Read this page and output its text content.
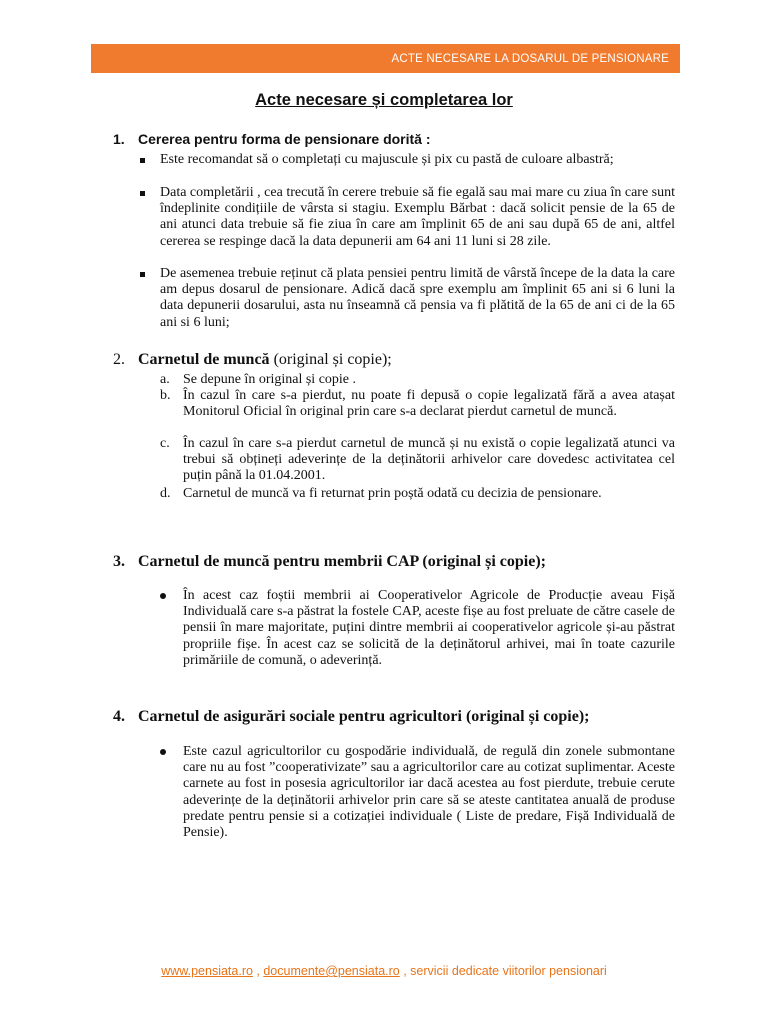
ACTE NECESARE LA DOSARUL DE PENSIONARE
Acte necesare și completarea lor
1. Cererea pentru forma de pensionare dorită :

Este recomandat să o completați cu majuscule și pix cu pastă de culoare albastră;

Data completării , cea trecută în cerere trebuie să fie egală sau mai mare cu ziua în care sunt îndeplinite condițiile de vârsta si stagiu. Exemplu Bărbat : dacă solicit pensie de la 65 de ani atunci data trebuie să fie ziua în care am împlinit 65 de ani sau după 65 de ani, altfel cererea se respinge dacă la data depunerii am 64 ani 11 luni si 28 zile.

De asemenea trebuie reținut că plata pensiei pentru limită de vârstă începe de la data la care am depus dosarul de pensionare. Adică dacă spre exemplu am împlinit 65 ani si 6 luni la data depunerii dosarului, asta nu înseamnă că pensia va fi plătită de la 65 de ani ci de la 65 ani si 6 luni;

2. Carnetul de muncă (original și copie);
a. Se depune în original și copie .

b. În cazul în care s-a pierdut, nu poate fi depusă o copie legalizată fără a avea atașat Monitorul Oficial în original prin care s-a declarat pierdut carnetul de muncă.

c. În cazul în care s-a pierdut carnetul de muncă și nu există o copie legalizată atunci va trebui să obțineți adeverințe de la deținătorii arhivelor care dovedesc activitatea cel puțin până la 01.04.2001.

d. Carnetul de muncă va fi returnat prin poștă odată cu decizia de pensionare.

3. Carnetul de muncă pentru membrii CAP (original și copie);

În acest caz foștii membrii ai Cooperativelor Agricole de Producție aveau Fișă Individuală care s-a păstrat la fostele CAP, aceste fișe au fost preluate de către casele de pensii în mare majoritate, puțini dintre membrii ai cooperativelor agricole și-au păstrat propriile fișe. În acest caz se solicită de la deținătorul arhivei, mai în toate cazurile primăriile de comună, o adeverință.

4. Carnetul de asigurări sociale pentru agricultori (original și copie);

Este cazul agricultorilor cu gospodărie individuală, de regulă din zonele submontane care nu au fost ”cooperativizate” sau a agricultorilor care au cotizat suplimentar. Aceste carnete au fost in posesia agricultorilor iar dacă acestea au fost pierdute, trebuie cerute adeverințe de la deținătorii arhivelor prin care să se ateste cantitatea anuală de produse predate pentru pensie si a cotizației individuale ( Liste de predare, Fișă Individuală de Pensie).

www.pensiata.ro , documente@pensiata.ro , servicii dedicate viitorilor pensionari
